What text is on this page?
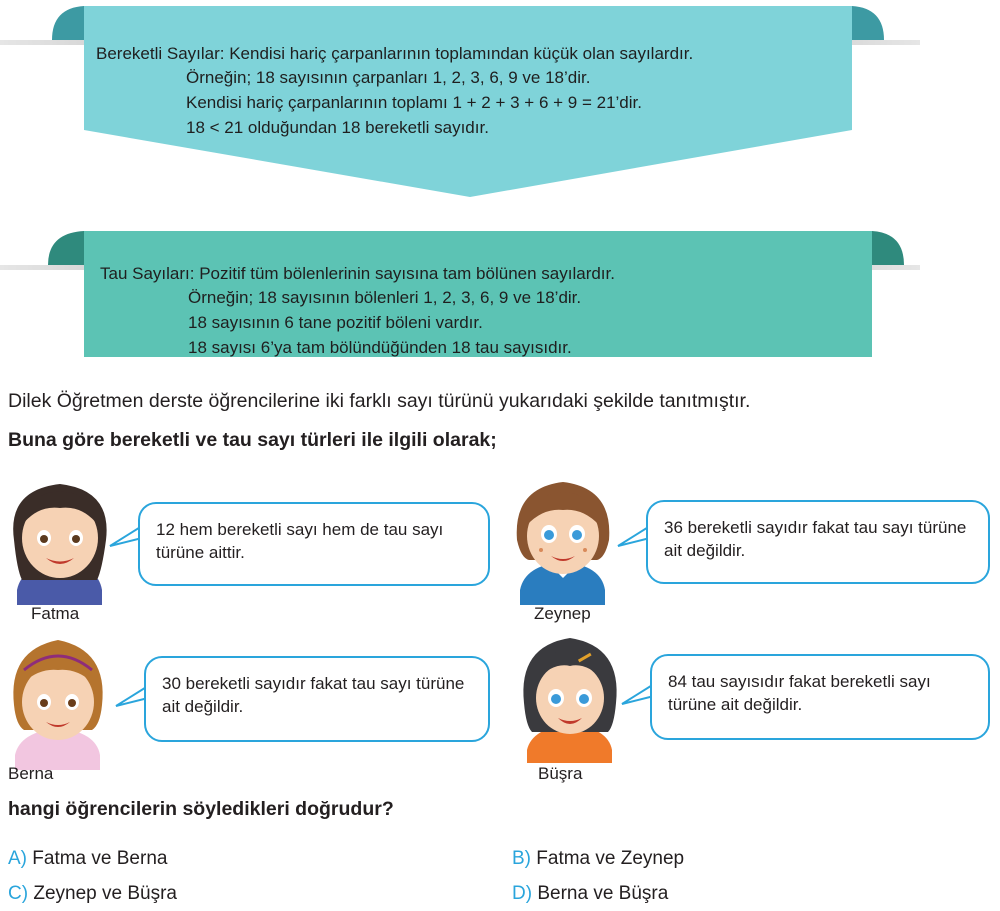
Bereketli Sayılar: Kendisi hariç çarpanlarının toplamından küçük olan sayılardır.
Örneğin; 18 sayısının çarpanları 1, 2, 3, 6, 9 ve 18’dir.
Kendisi hariç çarpanlarının toplamı 1 + 2 + 3 + 6 + 9 = 21’dir.
18 < 21 olduğundan 18 bereketli sayıdır.
Tau Sayıları: Pozitif tüm bölenlerinin sayısına tam bölünen sayılardır.
Örneğin; 18 sayısının bölenleri 1, 2, 3, 6, 9 ve 18’dir.
18 sayısının 6 tane pozitif böleni vardır.
18 sayısı 6’ya tam bölündüğünden 18 tau sayısıdır.
Dilek Öğretmen derste öğrencilerine iki farklı sayı türünü yukarıdaki şekilde tanıtmıştır.
Buna göre bereketli ve tau sayı türleri ile ilgili olarak;
Fatma
12 hem bereketli sayı hem de tau sayı türüne aittir.
Zeynep
36 bereketli sayıdır fakat tau sayı türüne ait değildir.
Berna
30 bereketli sayıdır fakat tau sayı türüne ait değildir.
Büşra
84 tau sayısıdır fakat bereketli sayı türüne ait değildir.
hangi öğrencilerin söyledikleri doğrudur?
A) Fatma ve Berna	B) Fatma ve Zeynep
C) Zeynep ve Büşra	D) Berna ve Büşra
